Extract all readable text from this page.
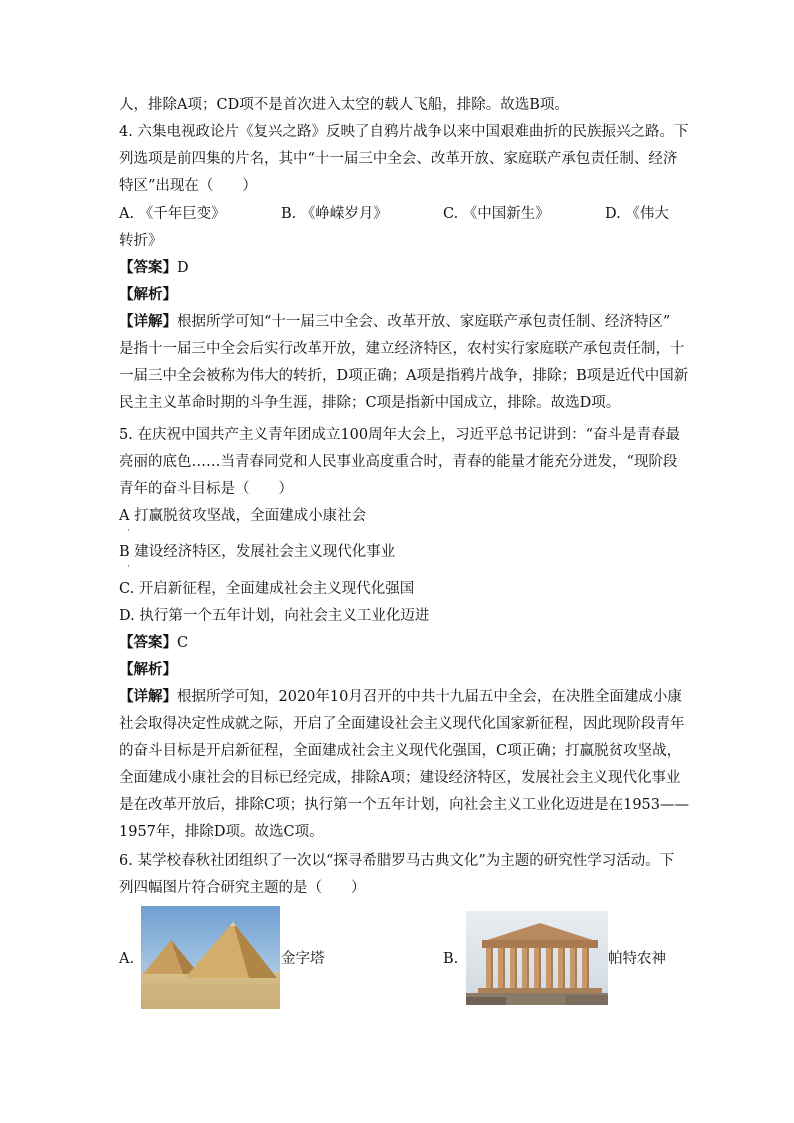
人，排除A项；CD项不是首次进入太空的载人飞船，排除。故选B项。
4. 六集电视政论片《复兴之路》反映了自鸦片战争以来中国艰难曲折的民族振兴之路。下
列选项是前四集的片名，其中“十一届三中全会、改革开放、家庭联产承包责任制、经济
特区”出现在（　　）
A. 《千年巨变》	B. 《峥嵘岁月》	C. 《中国新生》	D. 《伟大
转折》
【答案】D
【解析】
【详解】根据所学可知“十一届三中全会、改革开放、家庭联产承包责任制、经济特区”
是指十一届三中全会后实行改革开放，建立经济特区，农村实行家庭联产承包责任制，十
一届三中全会被称为伟大的转折，D项正确；A项是指鸦片战争，排除；B项是近代中国新
民主主义革命时期的斗争生涯，排除；C项是指新中国成立，排除。故选D项。
5. 在庆祝中国共产主义青年团成立100周年大会上，习近平总书记讲到：“奋斗是青春最
亮丽的底色……当青春同党和人民事业高度重合时，青春的能量才能充分迸发，“现阶段
青年的奋斗目标是（　　）
A 打赢脱贫攻坚战，全面建成小康社会
·
B 建设经济特区，发展社会主义现代化事业
·
C. 开启新征程，全面建成社会主义现代化强国
D. 执行第一个五年计划，向社会主义工业化迈进
【答案】C
【解析】
【详解】根据所学可知，2020年10月召开的中共十九届五中全会，在决胜全面建成小康
社会取得决定性成就之际，开启了全面建设社会主义现代化国家新征程，因此现阶段青年
的奋斗目标是开启新征程，全面建成社会主义现代化强国，C项正确；打赢脱贫攻坚战，
全面建成小康社会的目标已经完成，排除A项；建设经济特区，发展社会主义现代化事业
是在改革开放后，排除C项；执行第一个五年计划，向社会主义工业化迈进是在1953——
1957年，排除D项。故选C项。
6. 某学校春秋社团组织了一次以“探寻希腊罗马古典文化”为主题的研究性学习活动。下
列四幅图片符合研究主题的是（　　）
A.	金字塔	B.	帕特农神
